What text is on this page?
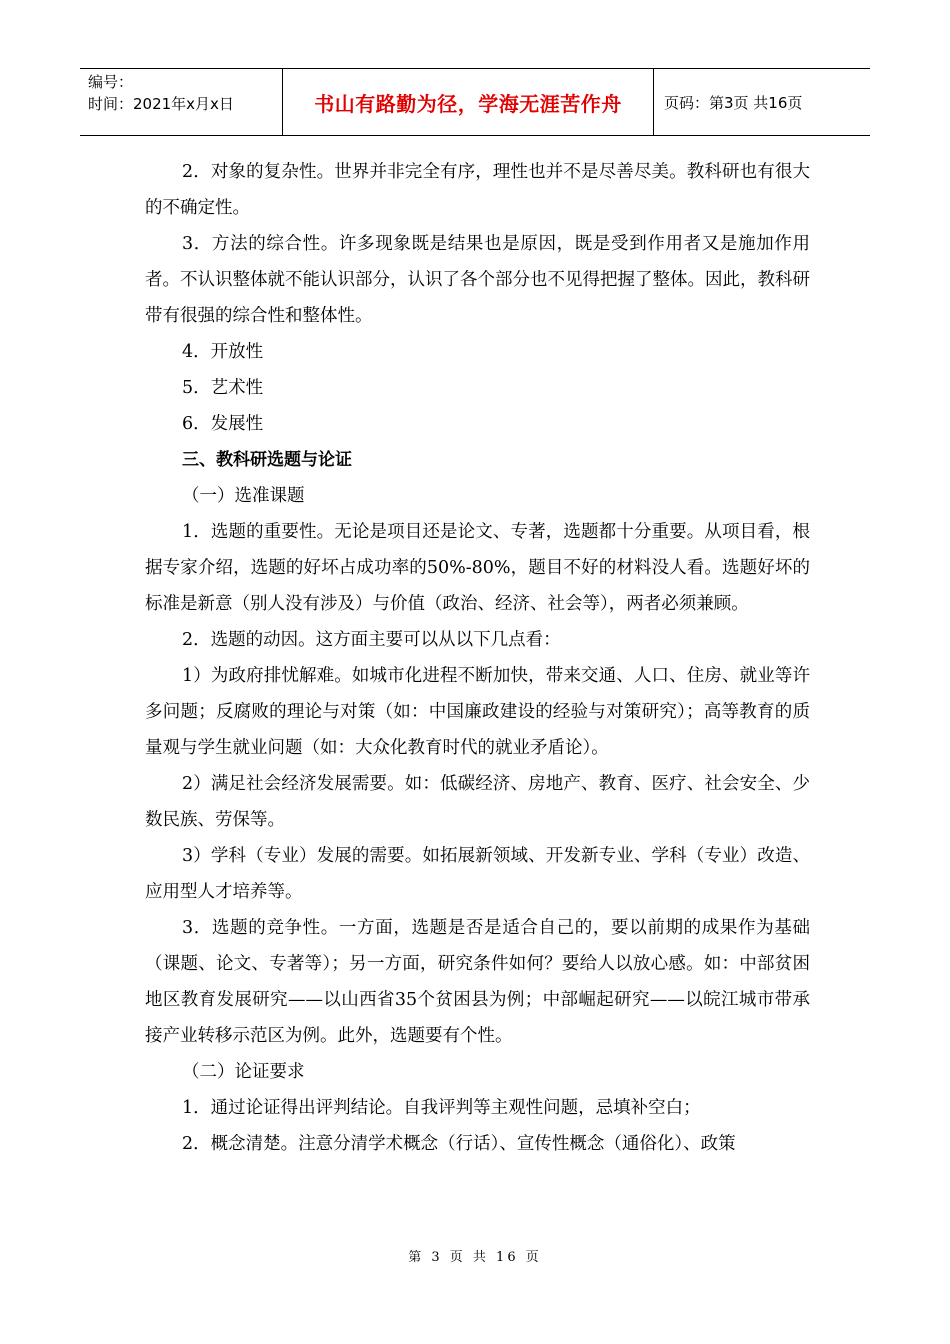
编号：
时间：2021年x月x日	书山有路勤为径，学海无涯苦作舟	页码：第3页 共16页

2．对象的复杂性。世界并非完全有序，理性也并不是尽善尽美。教科研也有很大的不确定性。

3．方法的综合性。许多现象既是结果也是原因，既是受到作用者又是施加作用者。不认识整体就不能认识部分，认识了各个部分也不见得把握了整体。因此，教科研带有很强的综合性和整体性。

4．开放性

5．艺术性

6．发展性

三、教科研选题与论证

（一）选准课题

1．选题的重要性。无论是项目还是论文、专著，选题都十分重要。从项目看，根据专家介绍，选题的好坏占成功率的50%-80%，题目不好的材料没人看。选题好坏的标准是新意（别人没有涉及）与价值（政治、经济、社会等），两者必须兼顾。

2．选题的动因。这方面主要可以从以下几点看：

1）为政府排忧解难。如城市化进程不断加快，带来交通、人口、住房、就业等许多问题；反腐败的理论与对策（如：中国廉政建设的经验与对策研究）；高等教育的质量观与学生就业问题（如：大众化教育时代的就业矛盾论）。

2）满足社会经济发展需要。如：低碳经济、房地产、教育、医疗、社会安全、少数民族、劳保等。

3）学科（专业）发展的需要。如拓展新领域、开发新专业、学科（专业）改造、应用型人才培养等。

3．选题的竞争性。一方面，选题是否是适合自己的，要以前期的成果作为基础（课题、论文、专著等）；另一方面，研究条件如何？要给人以放心感。如：中部贫困地区教育发展研究——以山西省35个贫困县为例；中部崛起研究——以皖江城市带承接产业转移示范区为例。此外，选题要有个性。

（二）论证要求

1．通过论证得出评判结论。自我评判等主观性问题，忌填补空白；

2．概念清楚。注意分清学术概念（行话）、宣传性概念（通俗化）、政策

第 3 页 共 16 页
